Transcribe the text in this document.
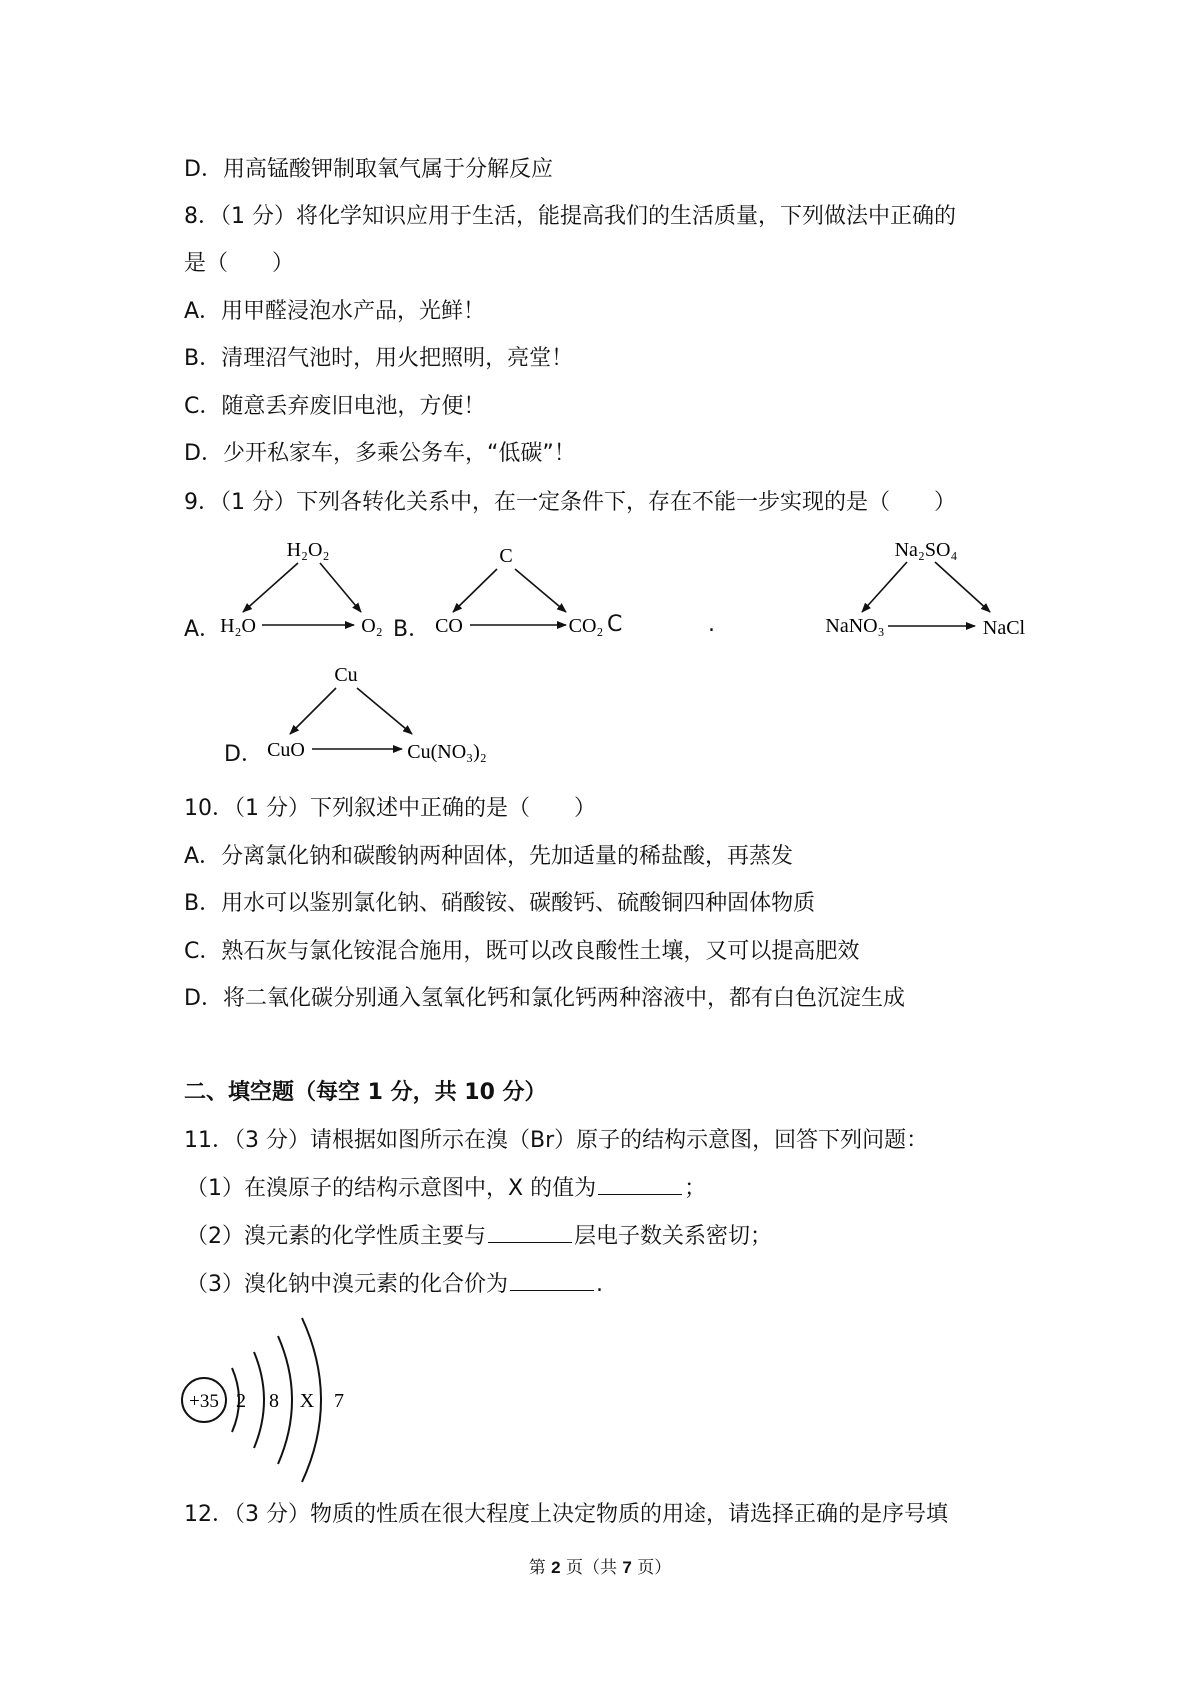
D．用高锰酸钾制取氧气属于分解反应
8．（1 分）将化学知识应用于生活，能提高我们的生活质量，下列做法中正确的
是（　　）
A．用甲醛浸泡水产品，光鲜！
B．清理沼气池时，用火把照明，亮堂！
C．随意丢弃废旧电池，方便！
D．少开私家车，多乘公务车，“低碳”！
9．（1 分）下列各转化关系中，在一定条件下，存在不能一步实现的是（　　）
A．	B．	C	.
D．
H₂O₂
H₂O	O₂
C
CO	CO₂
Na₂SO₄
NaNO₃	NaCl
Cu
CuO	Cu(NO₃)₂
+35 2 8 X 7
10．（1 分）下列叙述中正确的是（　　）
A．分离氯化钠和碳酸钠两种固体，先加适量的稀盐酸，再蒸发
B．用水可以鉴别氯化钠、硝酸铵、碳酸钙、硫酸铜四种固体物质
C．熟石灰与氯化铵混合施用，既可以改良酸性土壤，又可以提高肥效
D．将二氧化碳分别通入氢氧化钙和氯化钙两种溶液中，都有白色沉淀生成
二、填空题（每空 1 分，共 10 分）
11．（3 分）请根据如图所示在溴（Br）原子的结构示意图，回答下列问题：
（1）在溴原子的结构示意图中，X 的值为	；
（2）溴元素的化学性质主要与	层电子数关系密切；
（3）溴化钠中溴元素的化合价为	.
12．（3 分）物质的性质在很大程度上决定物质的用途，请选择正确的是序号填
第 2 页（共 7 页）
